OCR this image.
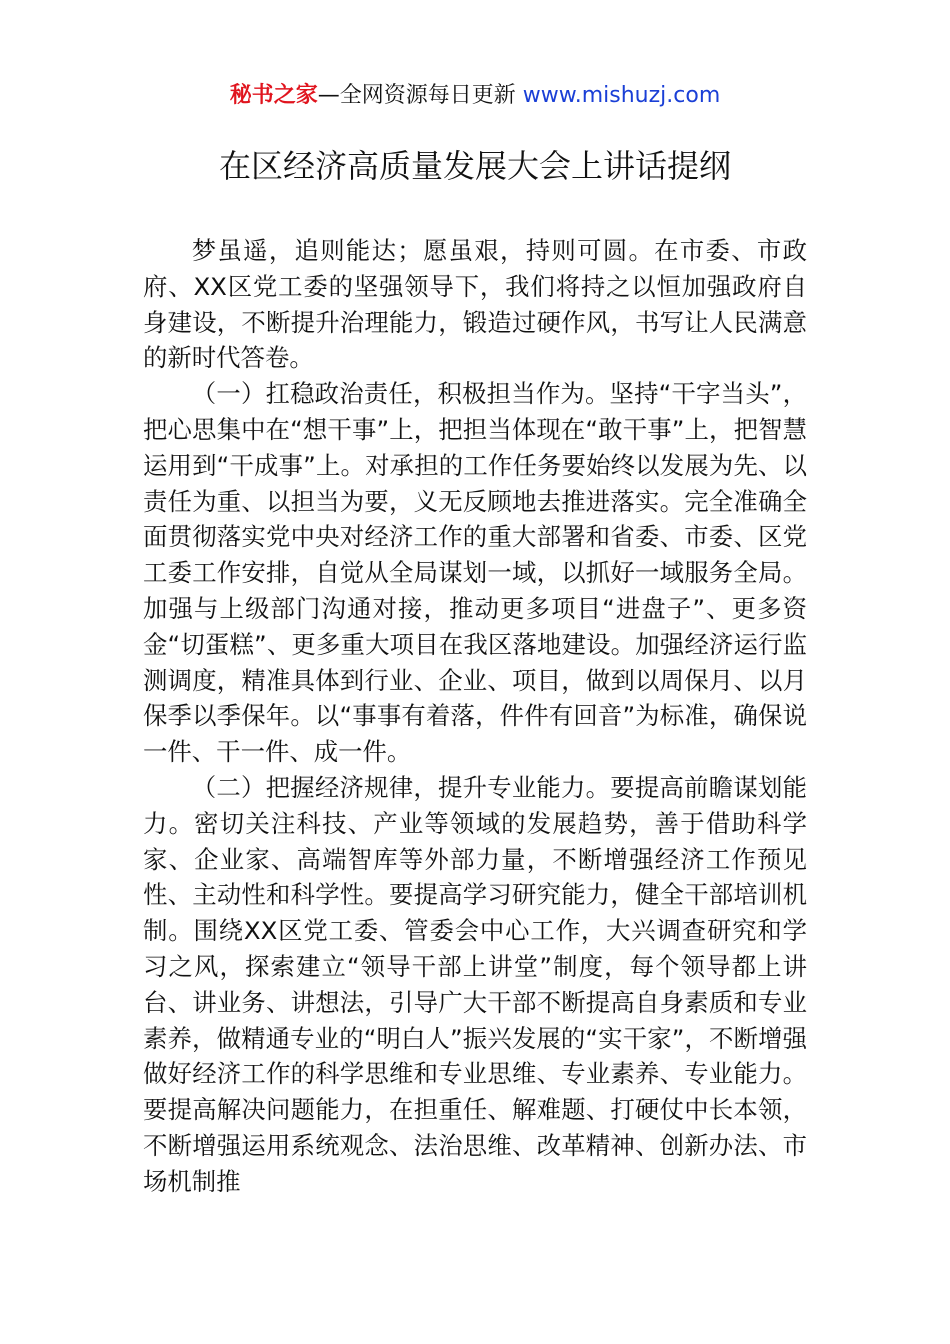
秘书之家—全网资源每日更新 www.mishuzj.com
在区经济高质量发展大会上讲话提纲

梦虽遥，追则能达；愿虽艰，持则可圆。在市委、市政府、XX区党工委的坚强领导下，我们将持之以恒加强政府自身建设，不断提升治理能力，锻造过硬作风，书写让人民满意的新时代答卷。

（一）扛稳政治责任，积极担当作为。坚持“干字当头”，把心思集中在“想干事”上，把担当体现在“敢干事”上，把智慧运用到“干成事”上。对承担的工作任务要始终以发展为先、以责任为重、以担当为要，义无反顾地去推进落实。完全准确全面贯彻落实党中央对经济工作的重大部署和省委、市委、区党工委工作安排，自觉从全局谋划一域，以抓好一域服务全局。加强与上级部门沟通对接，推动更多项目“进盘子”、更多资金“切蛋糕”、更多重大项目在我区落地建设。加强经济运行监测调度，精准具体到行业、企业、项目，做到以周保月、以月保季以季保年。以“事事有着落，件件有回音”为标准，确保说一件、干一件、成一件。

（二）把握经济规律，提升专业能力。要提高前瞻谋划能力。密切关注科技、产业等领域的发展趋势，善于借助科学家、企业家、高端智库等外部力量，不断增强经济工作预见性、主动性和科学性。要提高学习研究能力，健全干部培训机制。围绕XX区党工委、管委会中心工作，大兴调查研究和学习之风，探索建立“领导干部上讲堂”制度，每个领导都上讲台、讲业务、讲想法，引导广大干部不断提高自身素质和专业素养，做精通专业的“明白人”振兴发展的“实干家”，不断增强做好经济工作的科学思维和专业思维、专业素养、专业能力。要提高解决问题能力，在担重任、解难题、打硬仗中长本领，不断增强运用系统观念、法治思维、改革精神、创新办法、市场机制推
